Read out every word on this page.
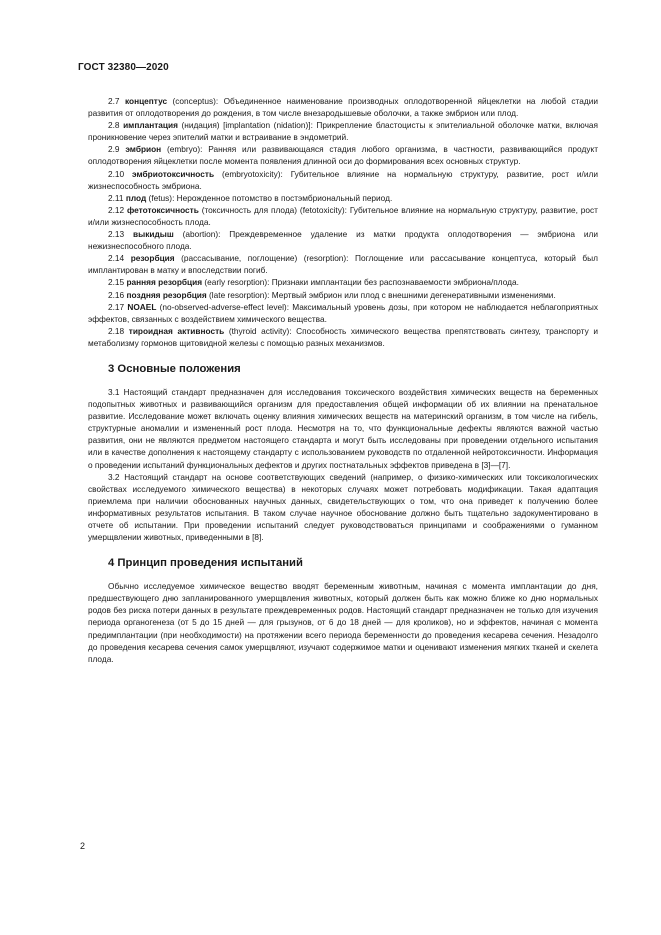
ГОСТ 32380—2020

2.7 концептус (conceptus): Объединенное наименование производных оплодотворенной яйцеклетки на любой стадии развития от оплодотворения до рождения, в том числе внезародышевые оболочки, а также эмбрион или плод.

2.8 имплантация (нидация) [implantation (nidation)]: Прикрепление бластоцисты к эпителиальной оболочке матки, включая проникновение через эпителий матки и встраивание в эндометрий.

2.9 эмбрион (embryo): Ранняя или развивающаяся стадия любого организма, в частности, развивающийся продукт оплодотворения яйцеклетки после момента появления длинной оси до формирования всех основных структур.

2.10 эмбриотоксичность (embryotoxicity): Губительное влияние на нормальную структуру, развитие, рост и/или жизнеспособность эмбриона.

2.11 плод (fetus): Нерожденное потомство в постэмбриональный период.

2.12 фетотоксичность (токсичность для плода) (fetotoxicity): Губительное влияние на нормальную структуру, развитие, рост и/или жизнеспособность плода.

2.13 выкидыш (abortion): Преждевременное удаление из матки продукта оплодотворения — эмбриона или нежизнеспособного плода.

2.14 резорбция (рассасывание, поглощение) (resorption): Поглощение или рассасывание концептуса, который был имплантирован в матку и впоследствии погиб.

2.15 ранняя резорбция (early resorption): Признаки имплантации без распознаваемости эмбриона/плода.

2.16 поздняя резорбция (late resorption): Мертвый эмбрион или плод с внешними дегенеративными изменениями.

2.17 NOAEL (no-observed-adverse-effect level): Максимальный уровень дозы, при котором не наблюдается неблагоприятных эффектов, связанных с воздействием химического вещества.

2.18 тироидная активность (thyroid activity): Способность химического вещества препятствовать синтезу, транспорту и метаболизму гормонов щитовидной железы с помощью разных механизмов.

3 Основные положения

3.1 Настоящий стандарт предназначен для исследования токсического воздействия химических веществ на беременных подопытных животных и развивающийся организм для предоставления общей информации об их влиянии на пренатальное развитие. Исследование может включать оценку влияния химических веществ на материнский организм, в том числе на гибель, структурные аномалии и измененный рост плода. Несмотря на то, что функциональные дефекты являются важной частью развития, они не являются предметом настоящего стандарта и могут быть исследованы при проведении отдельного испытания или в качестве дополнения к настоящему стандарту с использованием руководств по отдаленной нейротоксичности. Информация о проведении испытаний функциональных дефектов и других постнатальных эффектов приведена в [3]—[7].

3.2 Настоящий стандарт на основе соответствующих сведений (например, о физико-химических или токсикологических свойствах исследуемого химического вещества) в некоторых случаях может потребовать модификации. Такая адаптация приемлема при наличии обоснованных научных данных, свидетельствующих о том, что она приведет к получению более информативных результатов испытания. В таком случае научное обоснование должно быть тщательно задокументировано в отчете об испытании. При проведении испытаний следует руководствоваться принципами и соображениями о гуманном умерщвлении животных, приведенными в [8].

4 Принцип проведения испытаний

Обычно исследуемое химическое вещество вводят беременным животным, начиная с момента имплантации до дня, предшествующего дню запланированного умерщвления животных, который должен быть как можно ближе ко дню нормальных родов без риска потери данных в результате преждевременных родов. Настоящий стандарт предназначен не только для изучения периода органогенеза (от 5 до 15 дней — для грызунов, от 6 до 18 дней — для кроликов), но и эффектов, начиная с момента предимплантации (при необходимости) на протяжении всего периода беременности до проведения кесарева сечения. Незадолго до проведения кесарева сечения самок умерщвляют, изучают содержимое матки и оценивают изменения мягких тканей и скелета плода.

2
